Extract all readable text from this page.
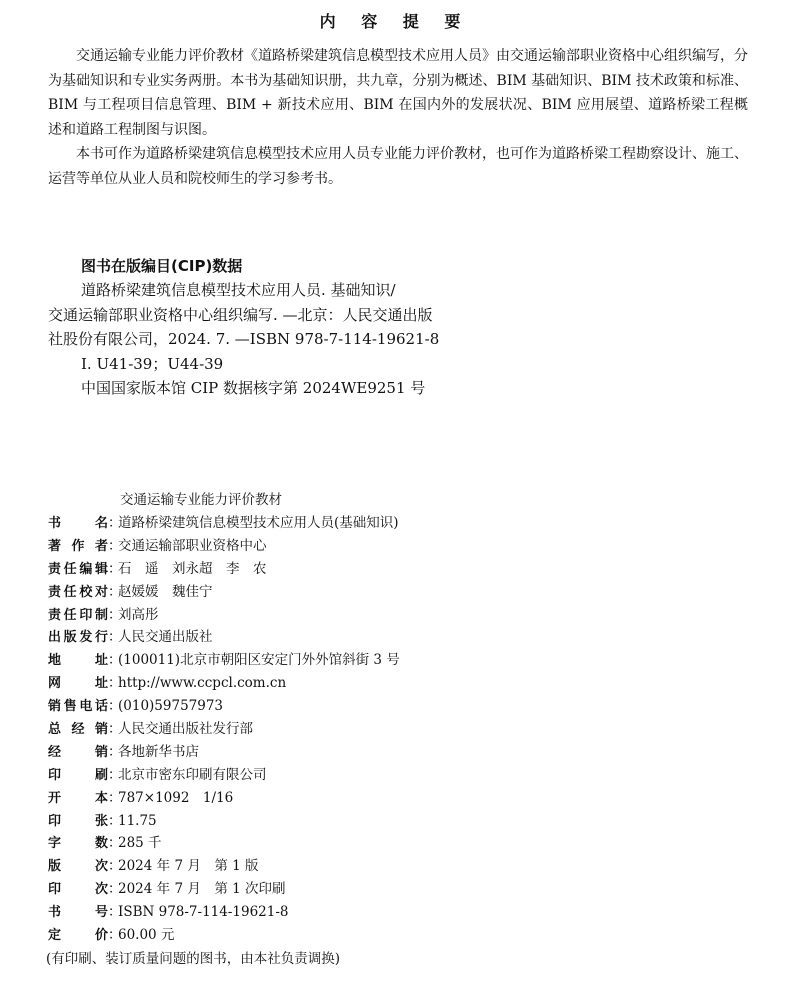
内 容 提 要

交通运输专业能力评价教材《道路桥梁建筑信息模型技术应用人员》由交通运输部职业资格中心组织编写，分为基础知识和专业实务两册。本书为基础知识册，共九章，分别为概述、BIM 基础知识、BIM 技术政策和标准、BIM 与工程项目信息管理、BIM + 新技术应用、BIM 在国内外的发展状况、BIM 应用展望、道路桥梁工程概述和道路工程制图与识图。

本书可作为道路桥梁建筑信息模型技术应用人员专业能力评价教材，也可作为道路桥梁工程勘察设计、施工、运营等单位从业人员和院校师生的学习参考书。

图书在版编目(CIP)数据
道路桥梁建筑信息模型技术应用人员. 基础知识/
交通运输部职业资格中心组织编写. —北京：人民交通出版
社股份有限公司，2024. 7. —ISBN 978-7-114-19621-8
Ⅰ. U41-39；U44-39
中国国家版本馆 CIP 数据核字第 2024WE9251 号
交通运输专业能力评价教材
书	名 ：
道路桥梁建筑信息模型技术应用人员(基础知识)
著 作 者 ：
交通运输部职业资格中心
责 任 编 辑 ：
石　遥　刘永超　李　农
责 任 校 对 ：
赵媛媛　魏佳宁
责 任 印 制 ：
刘高彤
出 版 发 行 ：
人民交通出版社
地	址 ：
(100011)北京市朝阳区安定门外外馆斜街 3 号
网	址 ：
http://www.ccpcl.com.cn
销 售 电 话 ：
(010)59757973
总 经 销 ：
人民交通出版社发行部
经	销 ：
各地新华书店
印	刷 ：
北京市密东印刷有限公司
开	本 ：
787×1092　1/16
印	张 ：
11.75
字	数 ：
285 千
版	次 ：
2024 年 7 月　第 1 版
印	次 ：
2024 年 7 月　第 1 次印刷
书	号 ：
ISBN 978-7-114-19621-8
定	价 ：
60.00 元
(有印刷、装订质量问题的图书，由本社负责调换)
